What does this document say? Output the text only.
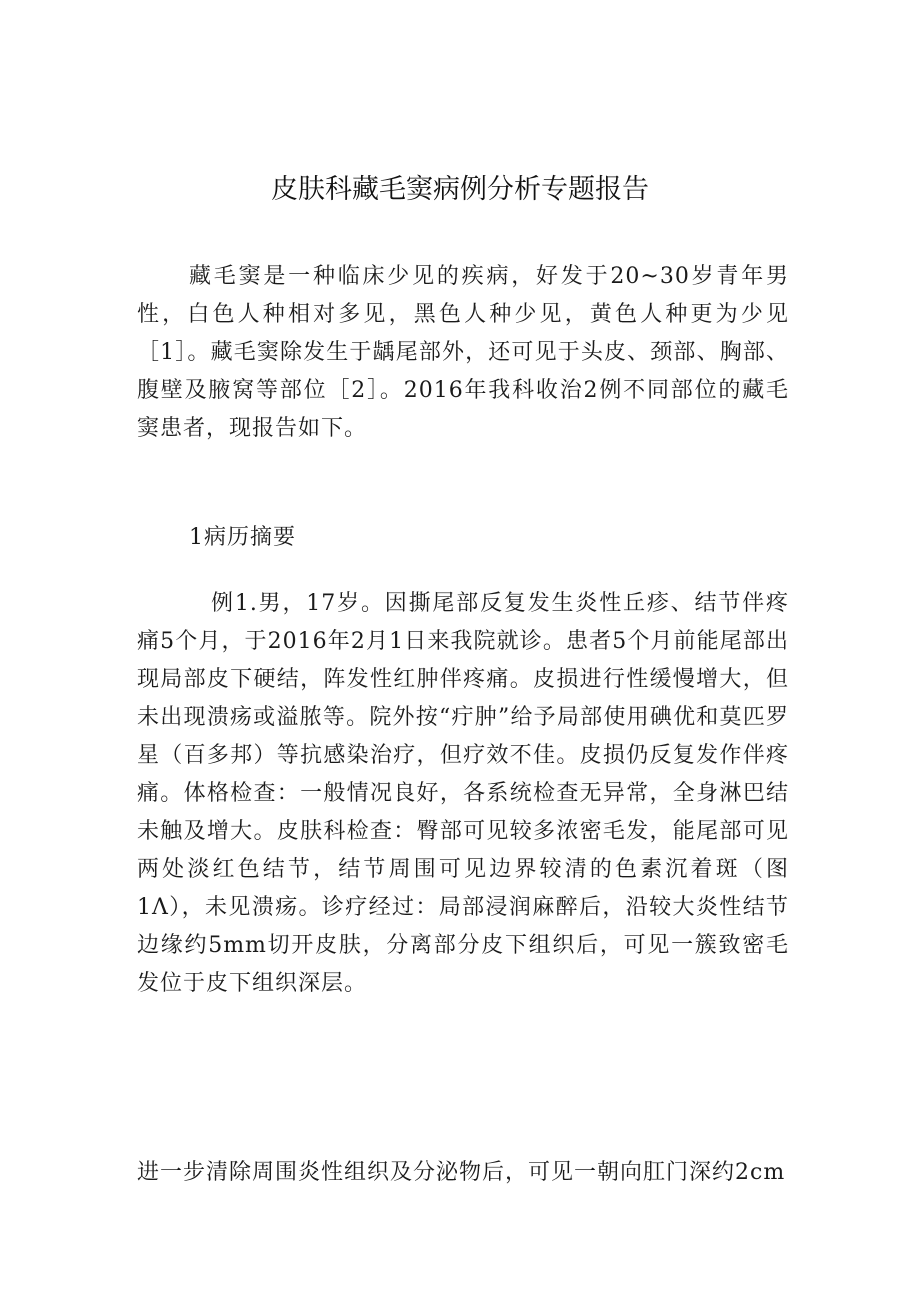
皮肤科藏毛窦病例分析专题报告

藏毛窦是一种临床少见的疾病，好发于20~30岁青年男性，白色人种相对多见，黑色人种少见，黄色人种更为少见［1］。藏毛窦除发生于龋尾部外，还可见于头皮、颈部、胸部、腹壁及腋窝等部位［2］。2016年我科收治2例不同部位的藏毛窦患者，现报告如下。

1病历摘要

例1.男，17岁。因撕尾部反复发生炎性丘疹、结节伴疼痛5个月，于2016年2月1日来我院就诊。患者5个月前能尾部出现局部皮下硬结，阵发性红肿伴疼痛。皮损进行性缓慢增大，但未出现溃疡或溢脓等。院外按“疔肿”给予局部使用碘优和莫匹罗星（百多邦）等抗感染治疗，但疗效不佳。皮损仍反复发作伴疼痛。体格检查：一般情况良好，各系统检查无异常，全身淋巴结未触及增大。皮肤科检查：臀部可见较多浓密毛发，能尾部可见两处淡红色结节，结节周围可见边界较清的色素沉着斑（图1Λ），未见溃疡。诊疗经过：局部浸润麻醉后，沿较大炎性结节边缘约5mm切开皮肤，分离部分皮下组织后，可见一簇致密毛发位于皮下组织深层。

进一步清除周围炎性组织及分泌物后，可见一朝向肛门深约2cm
